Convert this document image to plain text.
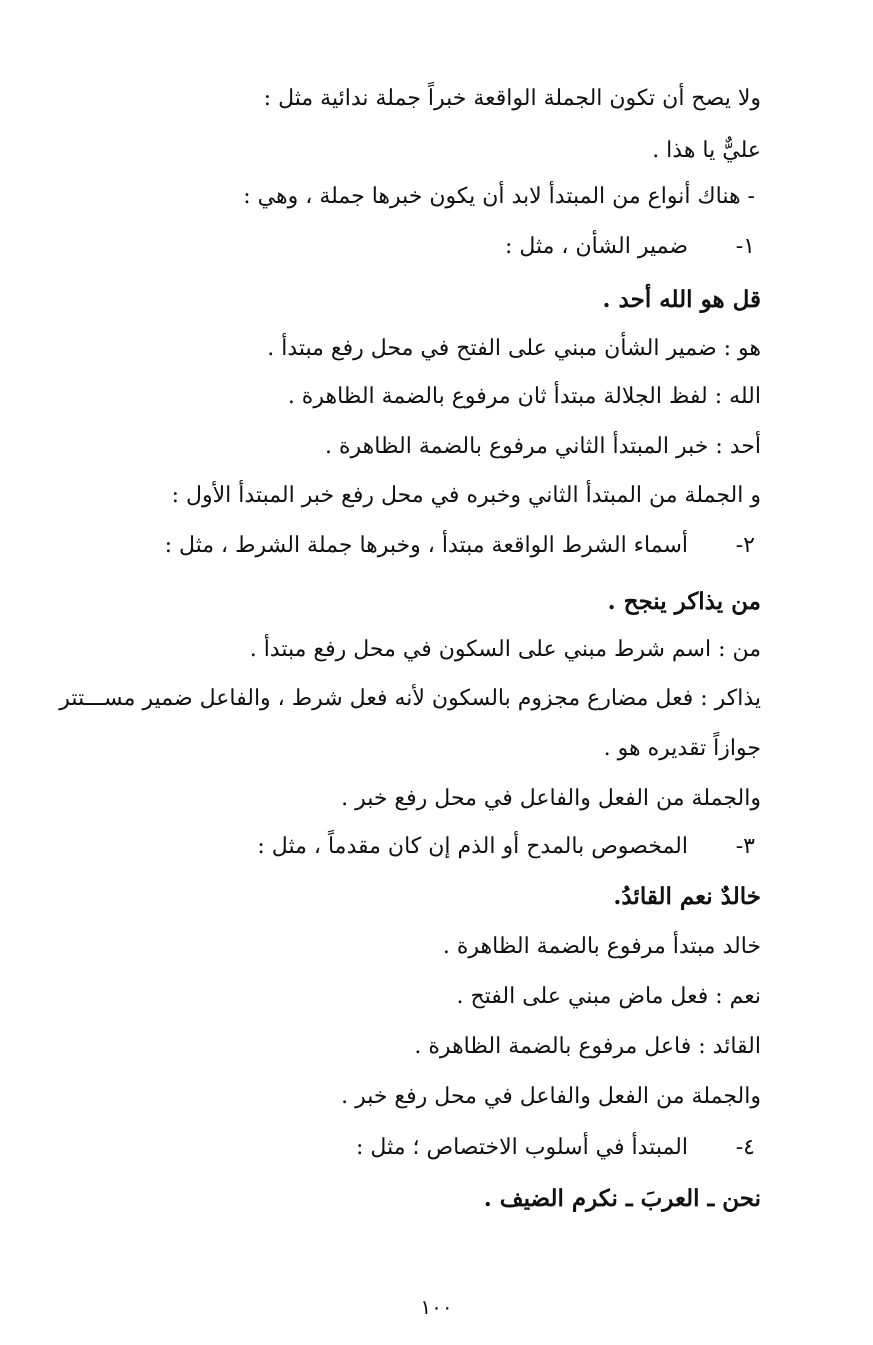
ولا يصح أن تكون الجملة الواقعة خبراً جملة ندائية مثل :

عليٌّ يا هذا .

- هناك أنواع من المبتدأ لابد أن يكون خبرها جملة ، وهي :

١- ضمير الشأن ، مثل :

قل هو الله أحد .

هو : ضمير الشأن مبني على الفتح في محل رفع مبتدأ .

الله : لفظ الجلالة مبتدأ ثان مرفوع بالضمة الظاهرة .

أحد : خبر المبتدأ الثاني مرفوع بالضمة الظاهرة .

و الجملة من المبتدأ الثاني وخبره في محل رفع خبر المبتدأ الأول :

٢- أسماء الشرط الواقعة مبتدأ ، وخبرها جملة الشرط ، مثل :

من يذاكر ينجح .

من : اسم شرط مبني على السكون في محل رفع مبتدأ .

يذاكر : فعل مضارع مجزوم بالسكون لأنه فعل شرط ، والفاعل ضمير مســـتتر

جوازاً تقديره هو .

والجملة من الفعل والفاعل في محل رفع خبر .

٣- المخصوص بالمدح أو الذم إن كان مقدماً ، مثل :

خالدٌ نعم القائدُ.

خالد مبتدأ مرفوع بالضمة الظاهرة .

نعم : فعل ماض مبني على الفتح .

القائد : فاعل مرفوع بالضمة الظاهرة .

والجملة من الفعل والفاعل في محل رفع خبر .

٤- المبتدأ في أسلوب الاختصاص ؛ مثل :

نحن ـ العربَ ـ نكرم الضيف .

١٠٠
